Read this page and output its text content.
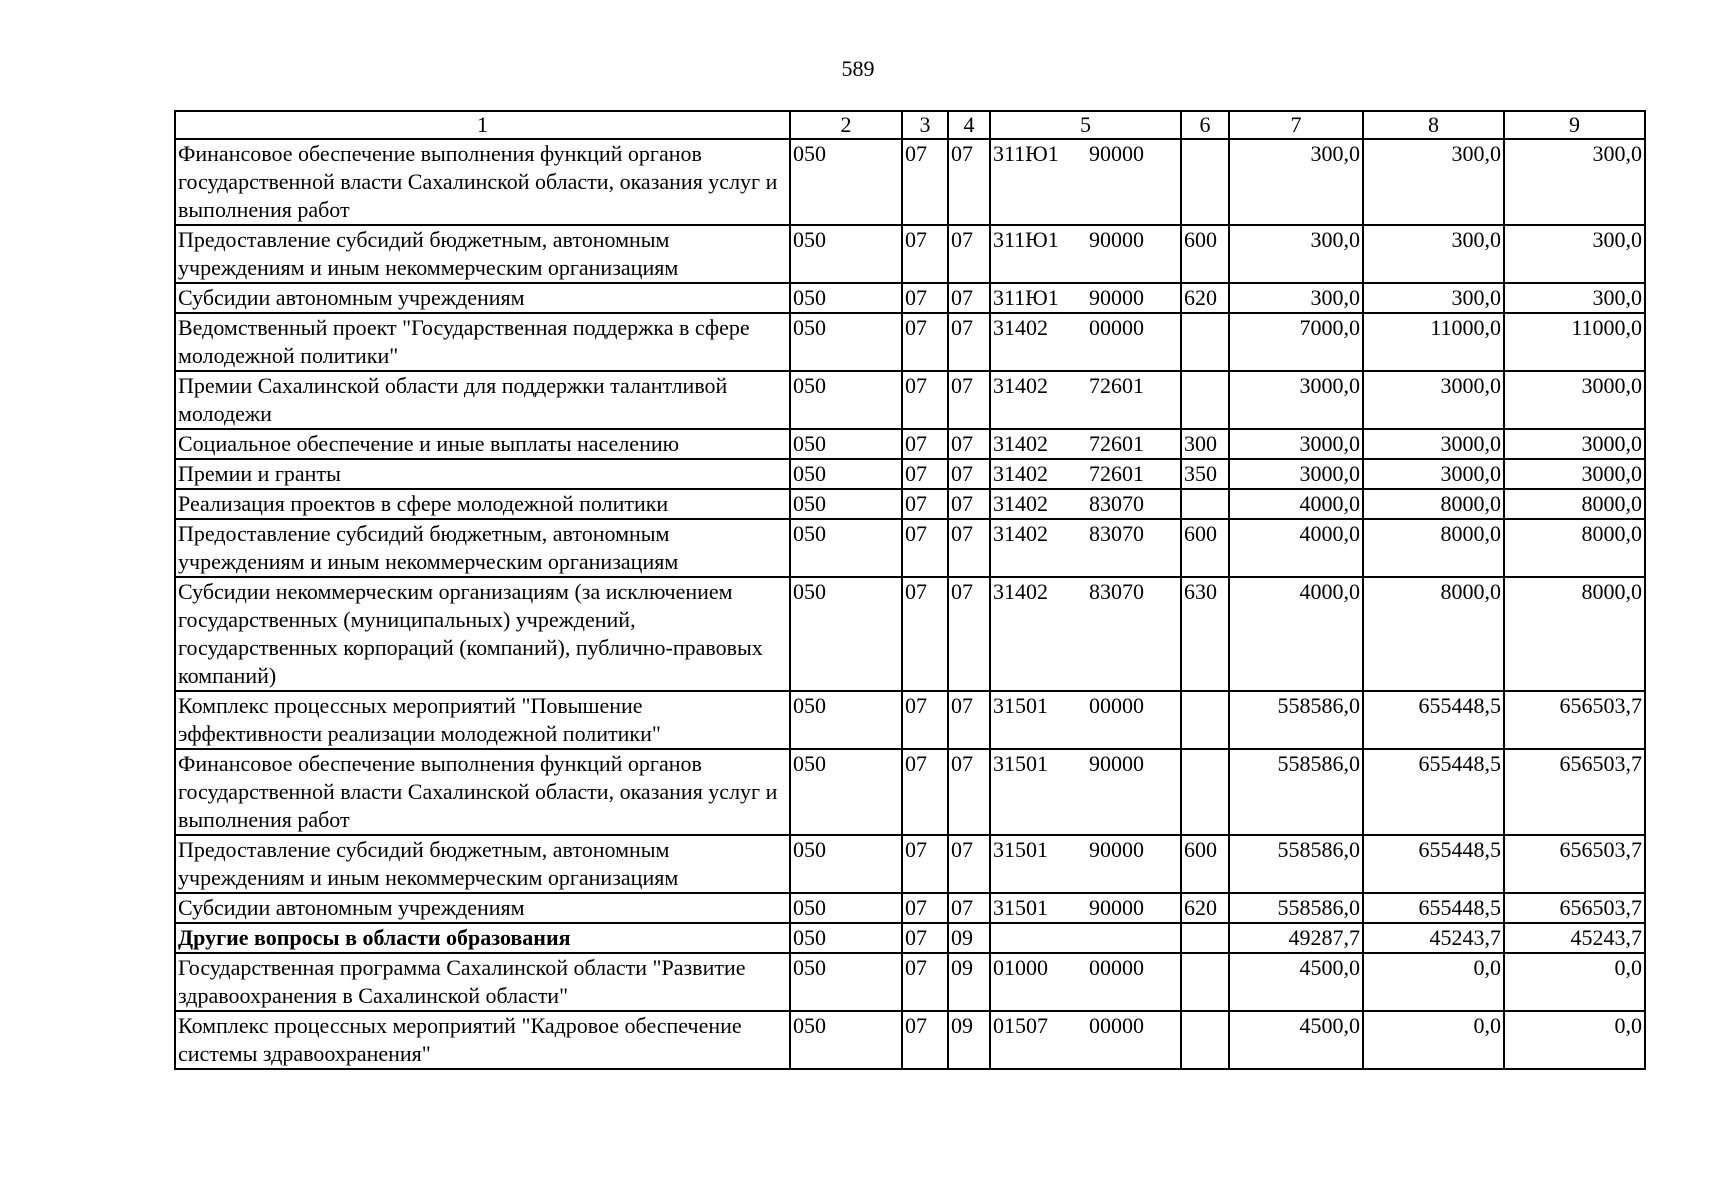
589
1	2	3	4	5	6	7	8	9
Финансовое обеспечение выполнения функций органов государственной власти Сахалинской области, оказания услуг и выполнения работ	050	07	07	311Ю1 90000		300,0	300,0	300,0
Предоставление субсидий бюджетным, автономным учреждениям и иным некоммерческим организациям	050	07	07	311Ю1 90000	600	300,0	300,0	300,0
Субсидии автономным учреждениям	050	07	07	311Ю1 90000	620	300,0	300,0	300,0
Ведомственный проект "Государственная поддержка в сфере молодежной политики"	050	07	07	31402 00000		7000,0	11000,0	11000,0
Премии Сахалинской области для поддержки талантливой молодежи	050	07	07	31402 72601		3000,0	3000,0	3000,0
Социальное обеспечение и иные выплаты населению	050	07	07	31402 72601	300	3000,0	3000,0	3000,0
Премии и гранты	050	07	07	31402 72601	350	3000,0	3000,0	3000,0
Реализация проектов в сфере молодежной политики	050	07	07	31402 83070		4000,0	8000,0	8000,0
Предоставление субсидий бюджетным, автономным учреждениям и иным некоммерческим организациям	050	07	07	31402 83070	600	4000,0	8000,0	8000,0
Субсидии некоммерческим организациям (за исключением государственных (муниципальных) учреждений, государственных корпораций (компаний), публично-правовых компаний)	050	07	07	31402 83070	630	4000,0	8000,0	8000,0
Комплекс процессных мероприятий "Повышение эффективности реализации молодежной политики"	050	07	07	31501 00000		558586,0	655448,5	656503,7
Финансовое обеспечение выполнения функций органов государственной власти Сахалинской области, оказания услуг и выполнения работ	050	07	07	31501 90000		558586,0	655448,5	656503,7
Предоставление субсидий бюджетным, автономным учреждениям и иным некоммерческим организациям	050	07	07	31501 90000	600	558586,0	655448,5	656503,7
Субсидии автономным учреждениям	050	07	07	31501 90000	620	558586,0	655448,5	656503,7
Другие вопросы в области образования	050	07	09			49287,7	45243,7	45243,7
Государственная программа Сахалинской области "Развитие здравоохранения в Сахалинской области"	050	07	09	01000 00000		4500,0	0,0	0,0
Комплекс процессных мероприятий "Кадровое обеспечение системы здравоохранения"	050	07	09	01507 00000		4500,0	0,0	0,0
